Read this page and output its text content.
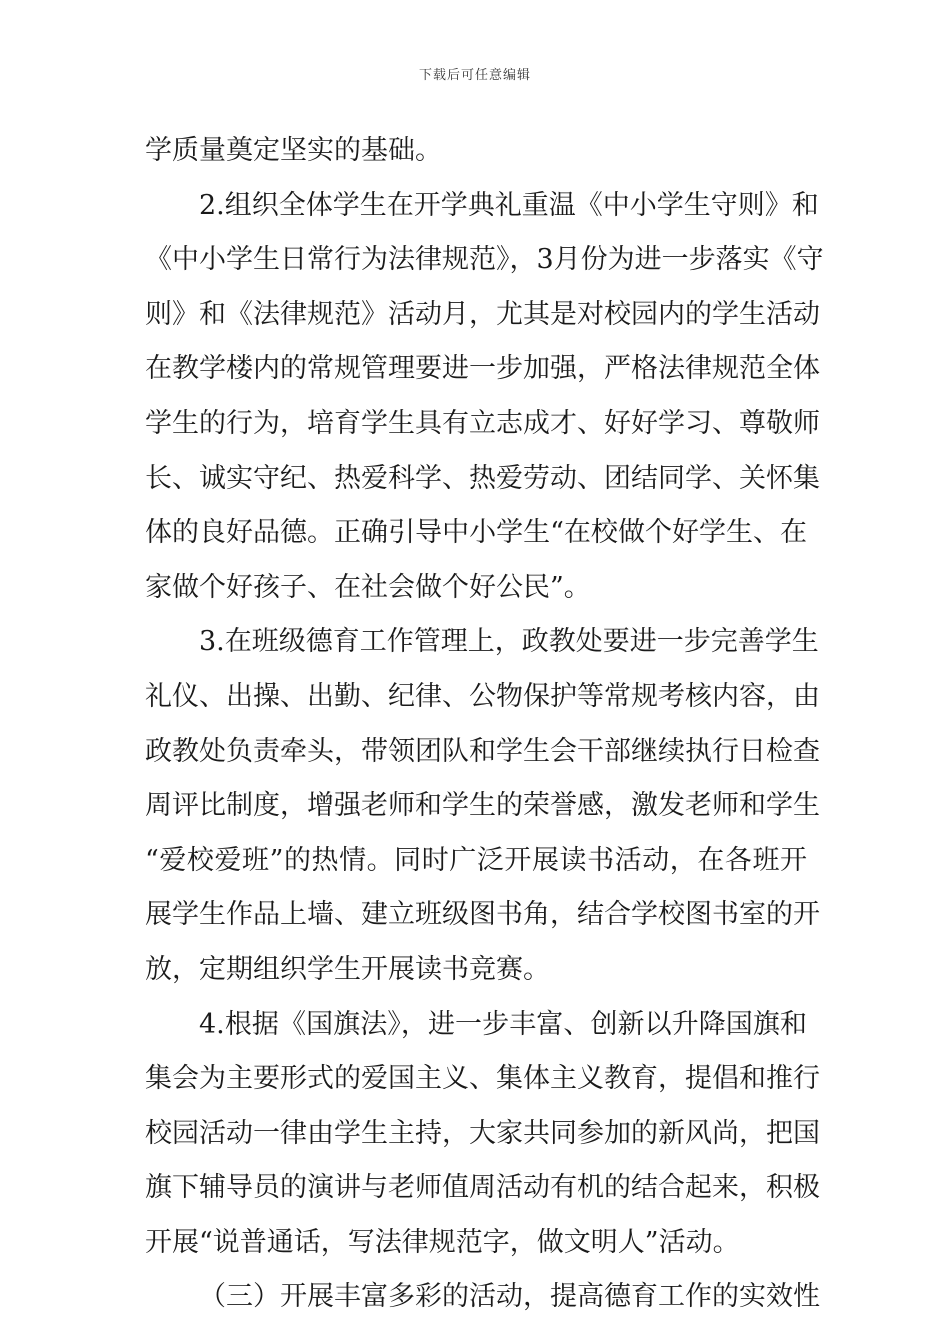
下载后可任意编辑
学质量奠定坚实的基础。
2.组织全体学生在开学典礼重温《中小学生守则》和
《中小学生日常行为法律规范》，3月份为进一步落实《守
则》和《法律规范》活动月，尤其是对校园内的学生活动
在教学楼内的常规管理要进一步加强，严格法律规范全体
学生的行为，培育学生具有立志成才、好好学习、尊敬师
长、诚实守纪、热爱科学、热爱劳动、团结同学、关怀集
体的良好品德。正确引导中小学生“在校做个好学生、在
家做个好孩子、在社会做个好公民”。
3.在班级德育工作管理上，政教处要进一步完善学生
礼仪、出操、出勤、纪律、公物保护等常规考核内容，由
政教处负责牵头，带领团队和学生会干部继续执行日检查
周评比制度，增强老师和学生的荣誉感，激发老师和学生
“爱校爱班”的热情。同时广泛开展读书活动，在各班开
展学生作品上墙、建立班级图书角，结合学校图书室的开
放，定期组织学生开展读书竞赛。
4.根据《国旗法》，进一步丰富、创新以升降国旗和
集会为主要形式的爱国主义、集体主义教育，提倡和推行
校园活动一律由学生主持，大家共同参加的新风尚，把国
旗下辅导员的演讲与老师值周活动有机的结合起来，积极
开展“说普通话，写法律规范字，做文明人”活动。
（三）开展丰富多彩的活动，提高德育工作的实效性
